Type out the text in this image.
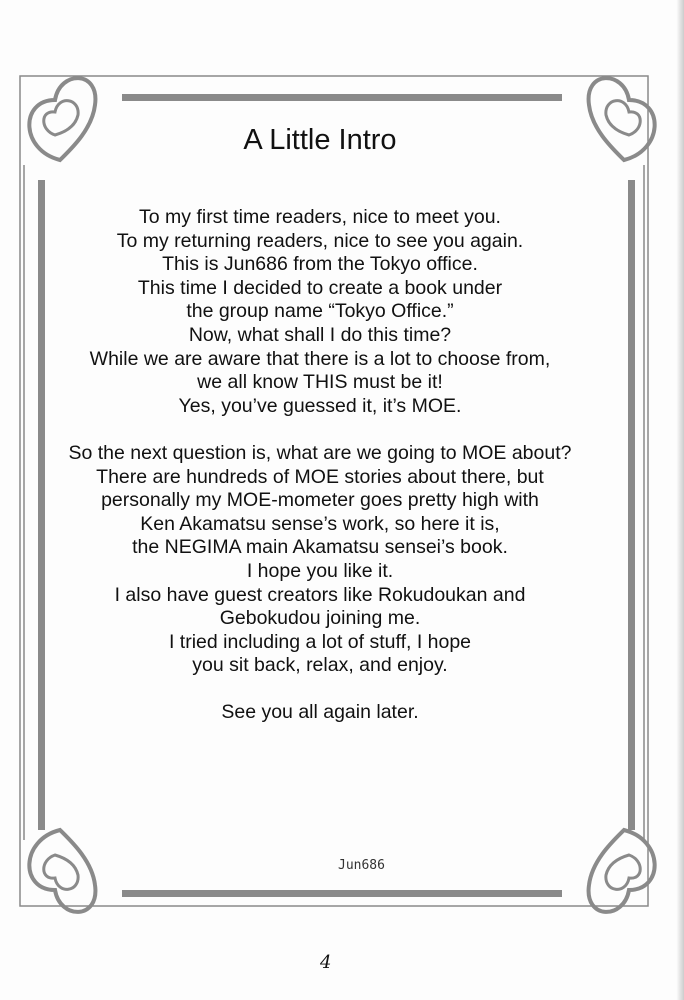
A Little Intro
To my first time readers, nice to meet you.
To my returning readers, nice to see you again.
This is Jun686 from the Tokyo office.
This time I decided to create a book under
the group name “Tokyo Office.”
Now, what shall I do this time?
While we are aware that there is a lot to choose from,
we all know THIS must be it!
Yes, you’ve guessed it, it’s MOE.
So the next question is, what are we going to MOE about?
There are hundreds of MOE stories about there, but
personally my MOE-mometer goes pretty high with
Ken Akamatsu sense’s work, so here it is,
the NEGIMA main Akamatsu sensei’s book.
I hope you like it.
I also have guest creators like Rokudoukan and
Gebokudou joining me.
I tried including a lot of stuff, I hope
you sit back, relax, and enjoy.
See you all again later.
Jun686
4
